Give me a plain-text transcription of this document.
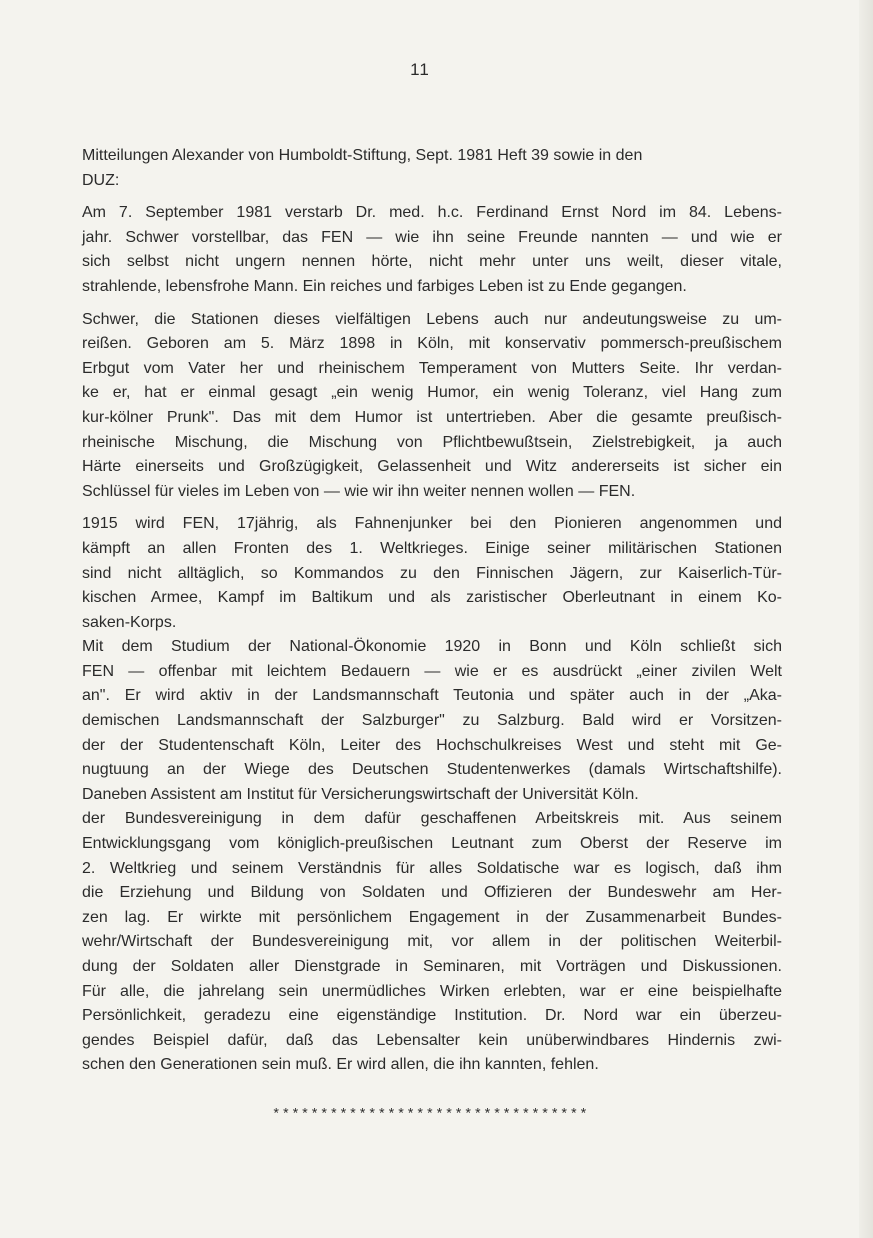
11

Mitteilungen Alexander von Humboldt-Stiftung, Sept. 1981 Heft 39 sowie in den
DUZ:

Am 7. September 1981 verstarb Dr. med. h.c. Ferdinand Ernst Nord im 84. Lebens-
jahr. Schwer vorstellbar, das FEN — wie ihn seine Freunde nannten — und wie er
sich selbst nicht ungern nennen hörte, nicht mehr unter uns weilt, dieser vitale,
strahlende, lebensfrohe Mann. Ein reiches und farbiges Leben ist zu Ende gegangen.

Schwer, die Stationen dieses vielfältigen Lebens auch nur andeutungsweise zu um-
reißen. Geboren am 5. März 1898 in Köln, mit konservativ pommersch-preußischem
Erbgut vom Vater her und rheinischem Temperament von Mutters Seite. Ihr verdan-
ke er, hat er einmal gesagt „ein wenig Humor, ein wenig Toleranz, viel Hang zum
kur-kölner Prunk". Das mit dem Humor ist untertrieben. Aber die gesamte preußisch-
rheinische Mischung, die Mischung von Pflichtbewußtsein, Zielstrebigkeit, ja auch
Härte einerseits und Großzügigkeit, Gelassenheit und Witz andererseits ist sicher ein
Schlüssel für vieles im Leben von — wie wir ihn weiter nennen wollen — FEN.

1915 wird FEN, 17jährig, als Fahnenjunker bei den Pionieren angenommen und
kämpft an allen Fronten des 1. Weltkrieges. Einige seiner militärischen Stationen
sind nicht alltäglich, so Kommandos zu den Finnischen Jägern, zur Kaiserlich-Tür-
kischen Armee, Kampf im Baltikum und als zaristischer Oberleutnant in einem Ko-
saken-Korps.
Mit dem Studium der National-Ökonomie 1920 in Bonn und Köln schließt sich
FEN — offenbar mit leichtem Bedauern — wie er es ausdrückt „einer zivilen Welt
an". Er wird aktiv in der Landsmannschaft Teutonia und später auch in der „Aka-
demischen Landsmannschaft der Salzburger" zu Salzburg. Bald wird er Vorsitzen-
der der Studentenschaft Köln, Leiter des Hochschulkreises West und steht mit Ge-
nugtuung an der Wiege des Deutschen Studentenwerkes (damals Wirtschaftshilfe).
Daneben Assistent am Institut für Versicherungswirtschaft der Universität Köln.
der Bundesvereinigung in dem dafür geschaffenen Arbeitskreis mit. Aus seinem
Entwicklungsgang vom königlich-preußischen Leutnant zum Oberst der Reserve im
2. Weltkrieg und seinem Verständnis für alles Soldatische war es logisch, daß ihm
die Erziehung und Bildung von Soldaten und Offizieren der Bundeswehr am Her-
zen lag. Er wirkte mit persönlichem Engagement in der Zusammenarbeit Bundes-
wehr/Wirtschaft der Bundesvereinigung mit, vor allem in der politischen Weiterbil-
dung der Soldaten aller Dienstgrade in Seminaren, mit Vorträgen und Diskussionen.
Für alle, die jahrelang sein unermüdliches Wirken erlebten, war er eine beispielhafte
Persönlichkeit, geradezu eine eigenständige Institution. Dr. Nord war ein überzeu-
gendes Beispiel dafür, daß das Lebensalter kein unüberwindbares Hindernis zwi-
schen den Generationen sein muß. Er wird allen, die ihn kannten, fehlen.

*********************************
